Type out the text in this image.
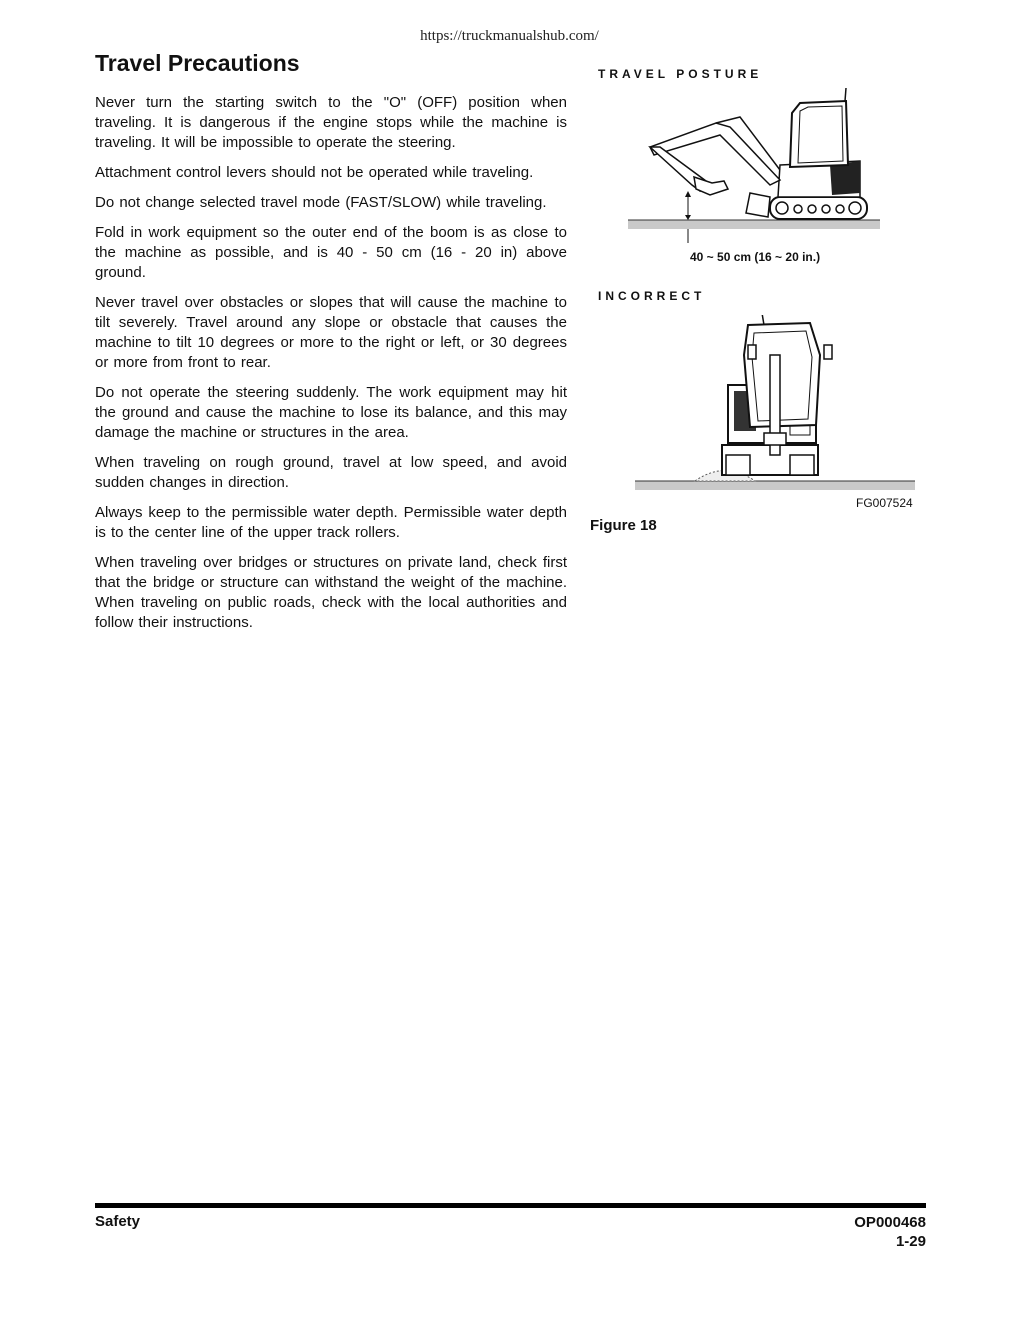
https://truckmanualshub.com/
Travel Precautions

Never turn the starting switch to the "O" (OFF) position when traveling. It is dangerous if the engine stops while the machine is traveling. It will be impossible to operate the steering.

Attachment control levers should not be operated while traveling.

Do not change selected travel mode (FAST/SLOW) while traveling.

Fold in work equipment so the outer end of the boom is as close to the machine as possible, and is 40 - 50 cm (16 - 20 in) above ground.

Never travel over obstacles or slopes that will cause the machine to tilt severely. Travel around any slope or obstacle that causes the machine to tilt 10 degrees or more to the right or left, or 30 degrees or more from front to rear.

Do not operate the steering suddenly. The work equipment may hit the ground and cause the machine to lose its balance, and this may damage the machine or structures in the area.

When traveling on rough ground, travel at low speed, and avoid sudden changes in direction.

Always keep to the permissible water depth. Permissible water depth is to the center line of the upper track rollers.

When traveling over bridges or structures on private land, check first that the bridge or structure can withstand the weight of the machine. When traveling on public roads, check with the local authorities and follow their instructions.

TRAVEL POSTURE
40 ~ 50 cm (16 ~ 20 in.)
INCORRECT
FG007524
Figure 18
Safety	OP000468
1-29
